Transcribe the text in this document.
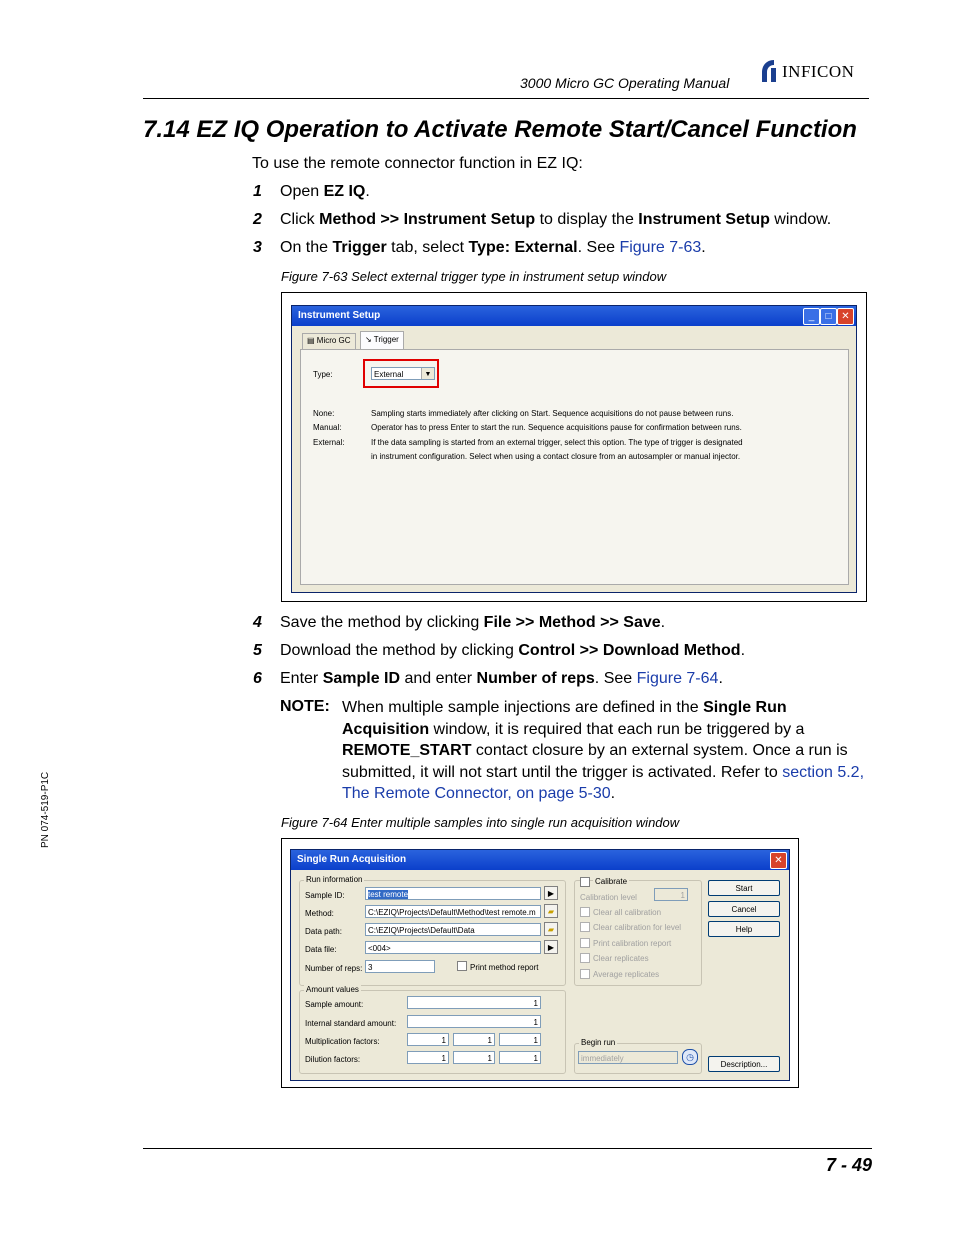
3000 Micro GC Operating Manual
INFICON
PN 074-519-P1C
7.14 EZ IQ Operation to Activate Remote Start/Cancel Function
To use the remote connector function in EZ IQ:
1 Open EZ IQ.
2 Click Method >> Instrument Setup to display the Instrument Setup window.
3 On the Trigger tab, select Type: External. See Figure 7-63.
Figure 7-63 Select external trigger type in instrument setup window
Instrument Setup	_	□ ✕
▤ Micro GC	↘ Trigger
Type:	External	▼
None:	Sampling starts immediately after clicking on Start. Sequence acquisitions do not pause between runs.
Manual:	Operator has to press Enter to start the run. Sequence acquisitions pause for confirmation between runs.
External:	If the data sampling is started from an external trigger, select this option. The type of trigger is designated
in instrument configuration. Select when using a contact closure from an autosampler or manual injector.
4 Save the method by clicking File >> Method >> Save.
5 Download the method by clicking Control >> Download Method.
6 Enter Sample ID and enter Number of reps. See Figure 7-64.
NOTE: When multiple sample injections are defined in the Single Run Acquisition window, it is required that each run be triggered by a REMOTE_START contact closure by an external system. Once a run is submitted, it will not start until the trigger is activated. Refer to section 5.2, The Remote Connector, on page 5-30.
Figure 7-64 Enter multiple samples into single run acquisition window
Single Run Acquisition	✕
Run information
Sample ID:	test remote	▶
Method:	C:\EZIQ\Projects\Default\Method\test remote.m	▰
Data path:	C:\EZIQ\Projects\Default\Data	▰
Data file:	<004>	▶
Number of reps: 3	Print method report
Amount values
Sample amount:	1
Internal standard amount:	1
Multiplication factors:	1	1	1
Dilution factors:	1	1	1
Calibrate
Calibration level	1
Clear all calibration
Clear calibration for level
Print calibration report
Clear replicates
Average replicates
Begin run
immediately	◷
Start
Cancel
Help
Description...
7 - 49
